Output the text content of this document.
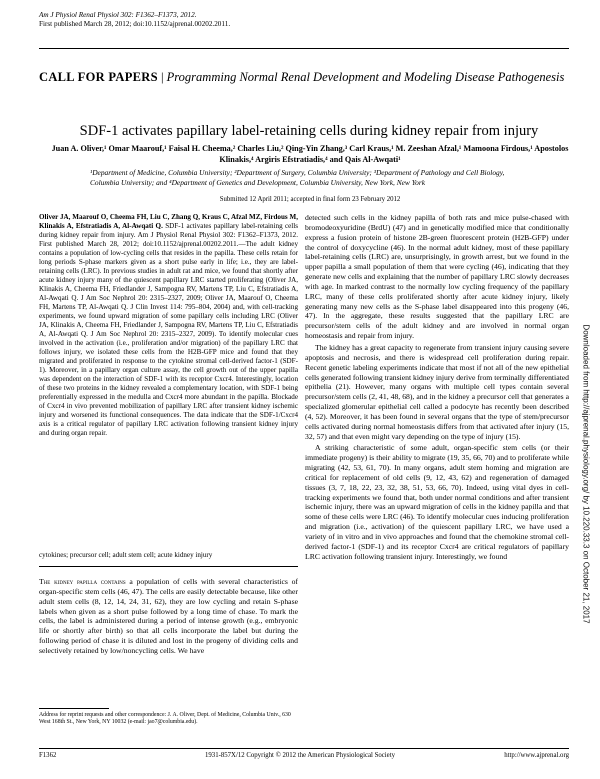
Am J Physiol Renal Physiol 302: F1362–F1373, 2012.
First published March 28, 2012; doi:10.1152/ajprenal.00202.2011.
CALL FOR PAPERS | Programming Normal Renal Development and Modeling Disease Pathogenesis
SDF-1 activates papillary label-retaining cells during kidney repair from injury
Juan A. Oliver,¹ Omar Maarouf,¹ Faisal H. Cheema,² Charles Liu,² Qing-Yin Zhang,³ Carl Kraus,¹ M. Zeeshan Afzal,¹ Mamoona Firdous,¹ Apostolos Klinakis,⁴ Argiris Efstratiadis,⁴ and Qais Al-Awqati¹
¹Department of Medicine, Columbia University; ²Department of Surgery, Columbia University; ³Department of Pathology and Cell Biology, Columbia University; and ⁴Department of Genetics and Development, Columbia University, New York, New York
Submitted 12 April 2011; accepted in final form 23 February 2012
Oliver JA, Maarouf O, Cheema FH, Liu C, Zhang Q, Kraus C, Afzal MZ, Firdous M, Klinakis A, Efstratiadis A, Al-Awqati Q. SDF-1 activates papillary label-retaining cells during kidney repair from injury. Am J Physiol Renal Physiol 302: F1362–F1373, 2012. First published March 28, 2012; doi:10.1152/ajprenal.00202.2011.—The adult kidney contains a population of low-cycling cells that resides in the papilla. These cells retain for long periods S-phase markers given as a short pulse early in life; i.e., they are label-retaining cells (LRC). In previous studies in adult rat and mice, we found that shortly after acute kidney injury many of the quiescent papillary LRC started proliferating (Oliver JA, Klinakis A, Cheema FH, Friedlander J, Sampogna RV, Martens TP, Liu C, Efstratiadis A, Al-Awqati Q. J Am Soc Nephrol 20: 2315–2327, 2009; Oliver JA, Maarouf O, Cheema FH, Martens TP, Al-Awqati Q. J Clin Invest 114: 795–804, 2004) and, with cell-tracking experiments, we found upward migration of some papillary cells including LRC (Oliver JA, Klinakis A, Cheema FH, Friedlander J, Sampogna RV, Martens TP, Liu C, Efstratiadis A, Al-Awqati Q. J Am Soc Nephrol 20: 2315–2327, 2009). To identify molecular cues involved in the activation (i.e., proliferation and/or migration) of the papillary LRC that follows injury, we isolated these cells from the H2B-GFP mice and found that they migrated and proliferated in response to the cytokine stromal cell-derived factor-1 (SDF-1). Moreover, in a papillary organ culture assay, the cell growth out of the upper papilla was dependent on the interaction of SDF-1 with its receptor Cxcr4. Interestingly, location of these two proteins in the kidney revealed a complementary location, with SDF-1 being preferentially expressed in the medulla and Cxcr4 more abundant in the papilla. Blockade of Cxcr4 in vivo prevented mobilization of papillary LRC after transient kidney ischemic injury and worsened its functional consequences. The data indicate that the SDF-1/Cxcr4 axis is a critical regulator of papillary LRC activation following transient kidney injury and during organ repair.
cytokines; precursor cell; adult stem cell; acute kidney injury
The kidney papilla contains a population of cells with several characteristics of organ-specific stem cells (46, 47). The cells are easily detectable because, like other adult stem cells (8, 12, 14, 24, 31, 62), they are low cycling and retain S-phase labels when given as a short pulse followed by a long time of chase. To mark the cells, the label is administered during a period of intense growth (e.g., embryonic life or shortly after birth) so that all cells incorporate the label but during the following period of chase it is diluted and lost in the progeny of dividing cells and selectively retained by low/noncycling cells. We have
Address for reprint requests and other correspondence: J. A. Oliver, Dept. of Medicine, Columbia Univ., 630 West 168th St., New York, NY 10032 (e-mail: jao7@columbia.edu).

detected such cells in the kidney papilla of both rats and mice pulse-chased with bromodeoxyuridine (BrdU) (47) and in genetically modified mice that conditionally express a fusion protein of histone 2B-green fluorescent protein (H2B-GFP) under the control of doxycycline (46). In the normal adult kidney, most of these papillary label-retaining cells (LRC) are, unsurprisingly, in growth arrest, but we found in the upper papilla a small population of them that were cycling (46), indicating that they generate new cells and explaining that the number of papillary LRC slowly decreases with age. In marked contrast to the normally low cycling frequency of the papillary LRC, many of these cells proliferated shortly after acute kidney injury, likely generating many new cells as the S-phase label disappeared into this progeny (46, 47). In the aggregate, these results suggested that the papillary LRC are precursor/stem cells of the adult kidney and are involved in normal organ homeostasis and repair from injury.

The kidney has a great capacity to regenerate from transient injury causing severe apoptosis and necrosis, and there is widespread cell proliferation during repair. Recent genetic labeling experiments indicate that most if not all of the new epithelial cells generated following transient kidney injury derive from terminally differentiated epithelia (21). However, many organs with multiple cell types contain several precursor/stem cells (2, 41, 48, 68), and in the kidney a precursor cell that generates a specialized glomerular epithelial cell called a podocyte has recently been described (4, 52). Moreover, it has been found in several organs that the type of stem/precursor cells activated during normal homeostasis differs from that activated after injury (15, 32, 57) and that even might vary depending on the type of injury (15).

A striking characteristic of some adult, organ-specific stem cells (or their immediate progeny) is their ability to migrate (19, 35, 66, 70) and to proliferate while migrating (42, 53, 61, 70). In many organs, adult stem homing and migration are critical for replacement of old cells (9, 12, 43, 62) and regeneration of damaged tissues (3, 7, 18, 22, 23, 32, 38, 51, 53, 66, 70). Indeed, using vital dyes in cell-tracking experiments we found that, both under normal conditions and after transient ischemic injury, there was an upward migration of cells in the kidney papilla and that some of these cells were LRC (46). To identify molecular cues inducing proliferation and migration (i.e., activation) of the quiescent papillary LRC, we have used a variety of in vitro and in vivo approaches and found that the chemokine stromal cell-derived factor-1 (SDF-1) and its receptor Cxcr4 are critical regulators of papillary LRC activation following transient injury. Interestingly, we found	Downloaded from http://ajprenal.physiology.org/ by 10.220.33.3 on October 21, 2017
F1362	1931-857X/12 Copyright © 2012 the American Physiological Society	http://www.ajprenal.org
